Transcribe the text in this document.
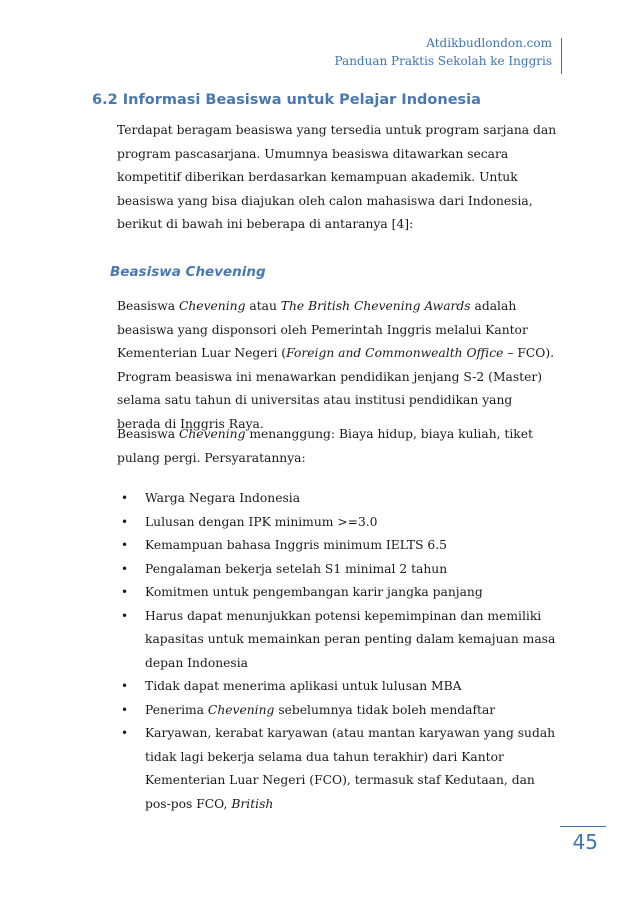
Atdikbudlondon.com
Panduan Praktis Sekolah ke Inggris
6.2 Informasi Beasiswa untuk Pelajar Indonesia

Terdapat beragam beasiswa yang tersedia untuk program sarjana dan program pascasarjana. Umumnya beasiswa ditawarkan secara kompetitif diberikan berdasarkan kemampuan akademik. Untuk beasiswa yang bisa diajukan oleh calon mahasiswa dari Indonesia, berikut di bawah ini beberapa di antaranya [4]:

Beasiswa Chevening

Beasiswa Chevening atau The British Chevening Awards adalah beasiswa yang disponsori oleh Pemerintah Inggris melalui Kantor Kementerian Luar Negeri (Foreign and Commonwealth Office – FCO). Program beasiswa ini menawarkan pendidikan jenjang S-2 (Master) selama satu tahun di universitas atau institusi pendidikan yang berada di Inggris Raya.

Beasiswa Chevening menanggung: Biaya hidup, biaya kuliah, tiket pulang pergi. Persyaratannya:

• Warga Negara Indonesia
• Lulusan dengan IPK minimum >=3.0
• Kemampuan bahasa Inggris minimum IELTS 6.5
• Pengalaman bekerja setelah S1 minimal 2 tahun
• Komitmen untuk pengembangan karir jangka panjang
• Harus dapat menunjukkan potensi kepemimpinan dan memiliki kapasitas untuk memainkan peran penting dalam kemajuan masa depan Indonesia
• Tidak dapat menerima aplikasi untuk lulusan MBA
• Penerima Chevening sebelumnya tidak boleh mendaftar
• Karyawan, kerabat karyawan (atau mantan karyawan yang sudah tidak lagi bekerja selama dua tahun terakhir) dari Kantor Kementerian Luar Negeri (FCO), termasuk staf Kedutaan, dan pos-pos FCO, British
45
